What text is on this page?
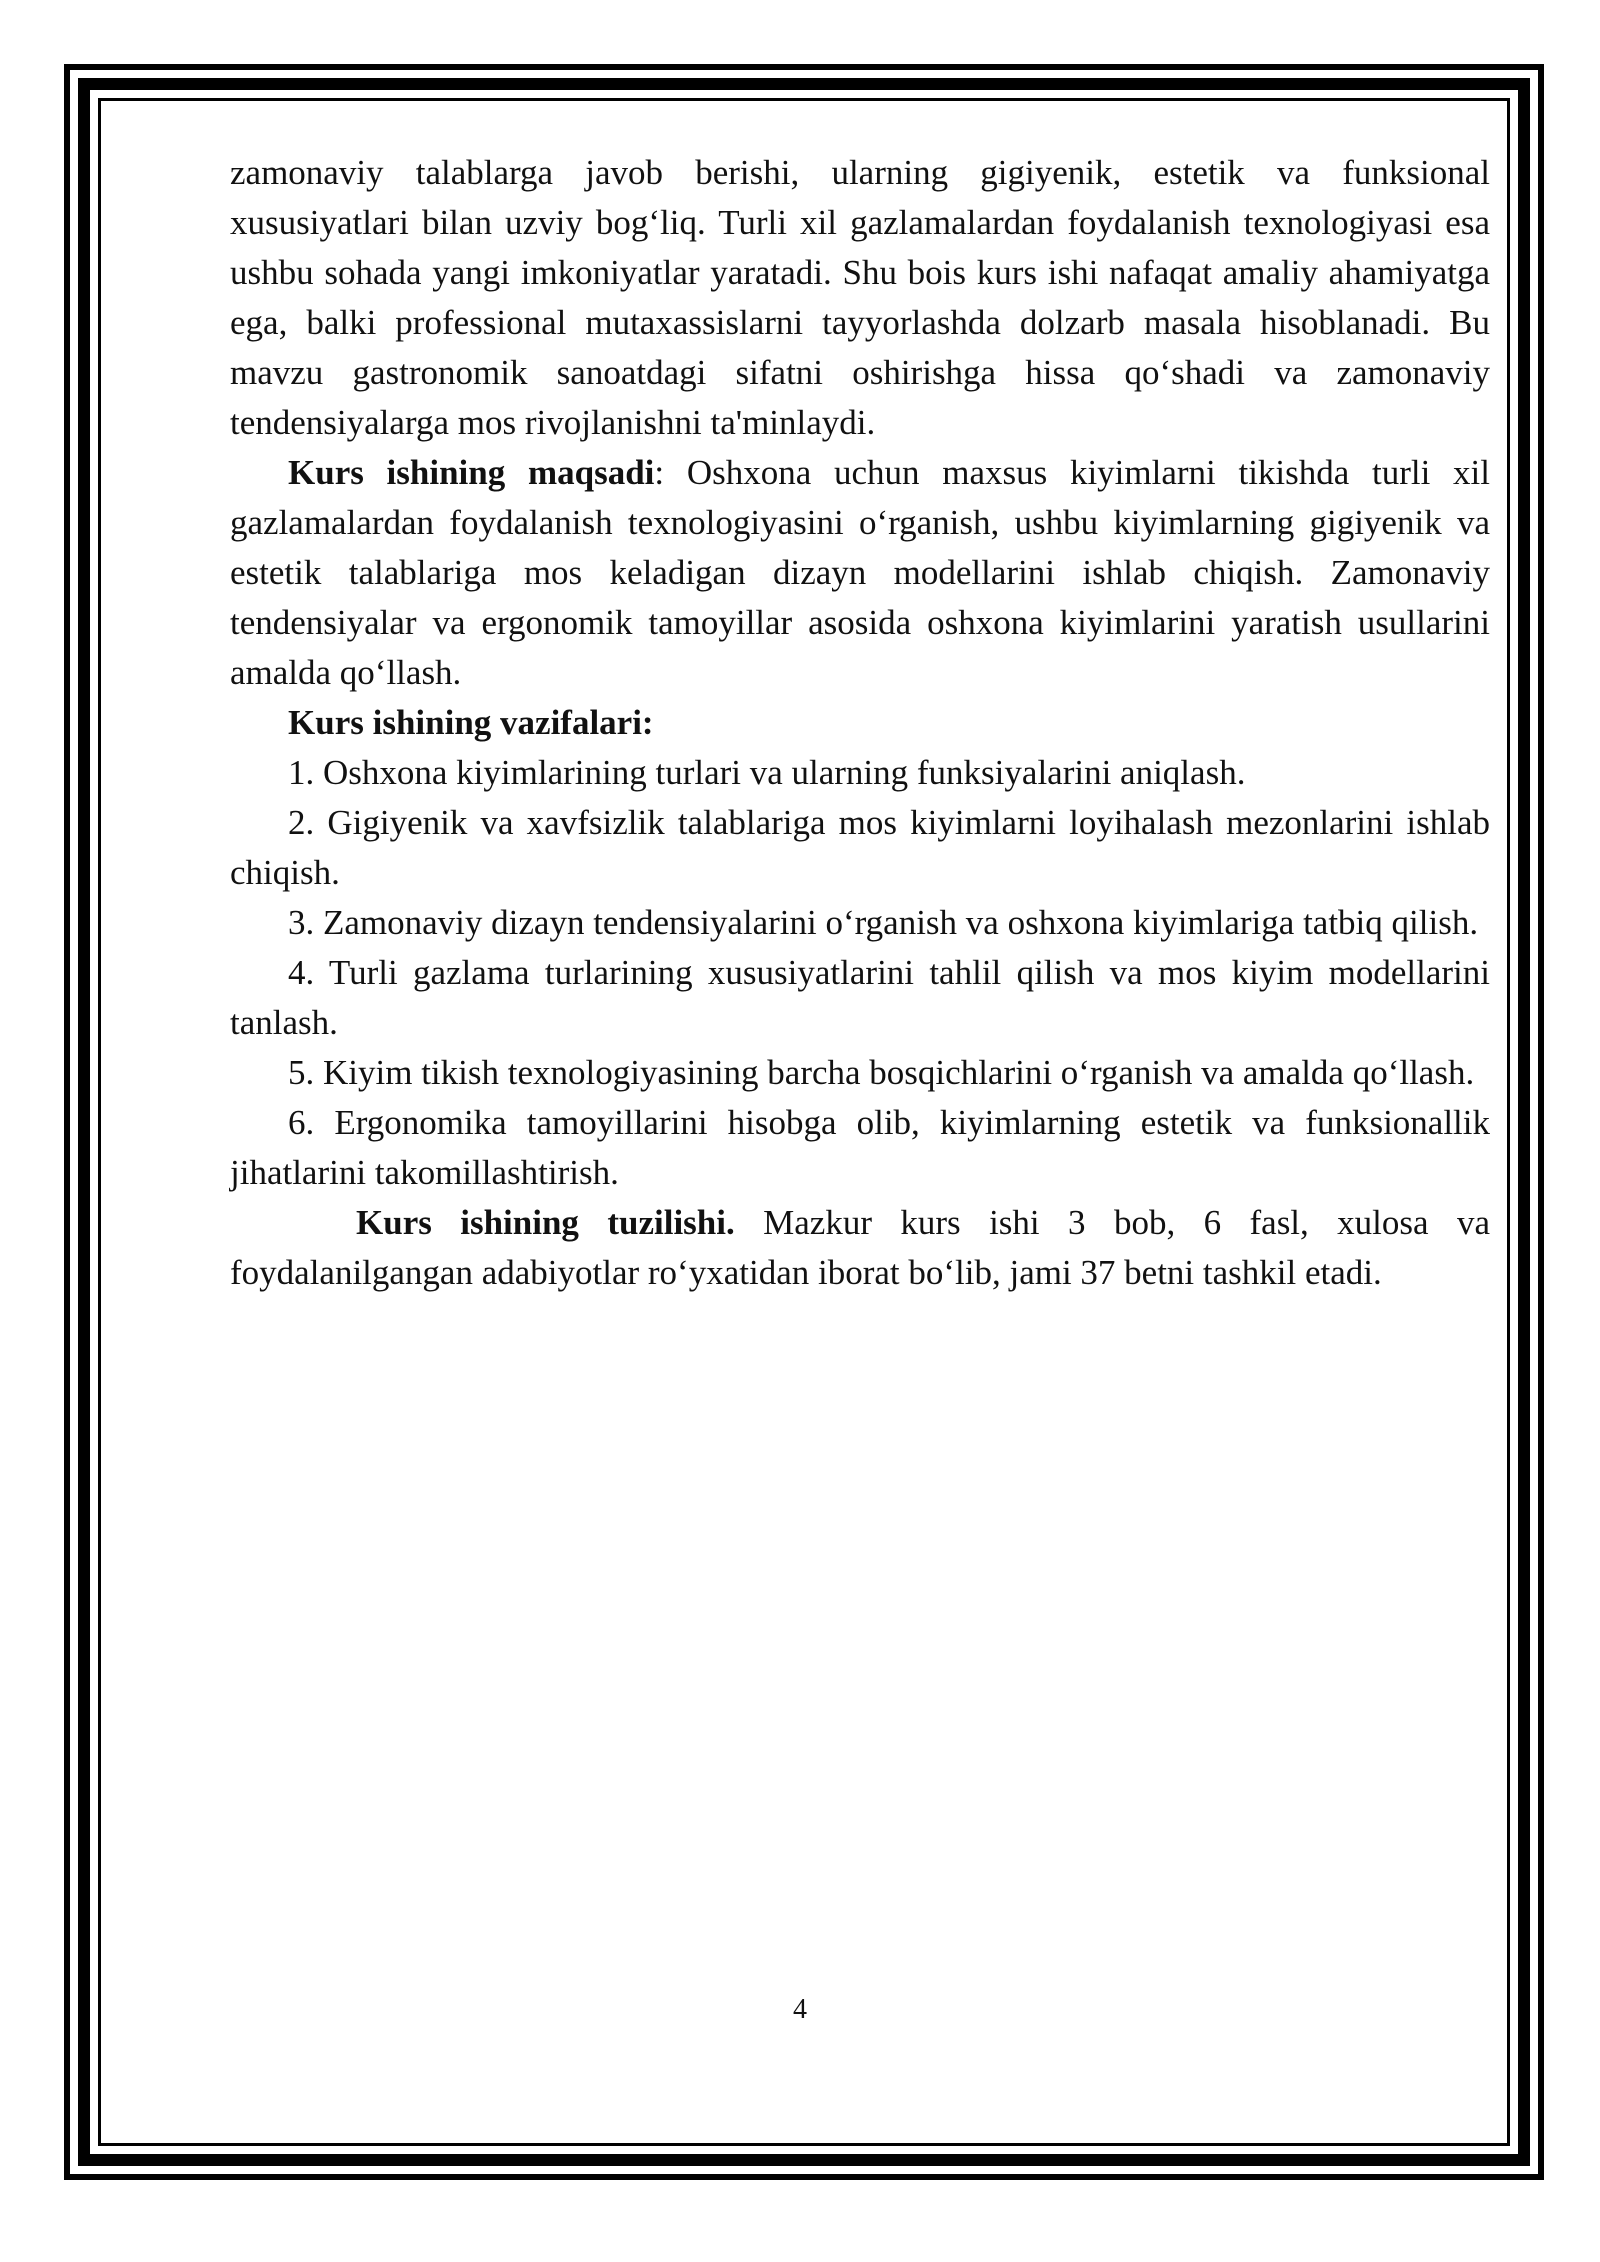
zamonaviy talablarga javob berishi, ularning gigiyenik, estetik va funksional xususiyatlari bilan uzviy bog‘liq. Turli xil gazlamalardan foydalanish texnologiyasi esa ushbu sohada yangi imkoniyatlar yaratadi. Shu bois kurs ishi nafaqat amaliy ahamiyatga ega, balki professional mutaxassislarni tayyorlashda dolzarb masala hisoblanadi. Bu mavzu gastronomik sanoatdagi sifatni oshirishga hissa qo‘shadi va zamonaviy tendensiyalarga mos rivojlanishni ta'minlaydi.

Kurs ishining maqsadi: Oshxona uchun maxsus kiyimlarni tikishda turli xil gazlamalardan foydalanish texnologiyasini o‘rganish, ushbu kiyimlarning gigiyenik va estetik talablariga mos keladigan dizayn modellarini ishlab chiqish. Zamonaviy tendensiyalar va ergonomik tamoyillar asosida oshxona kiyimlarini yaratish usullarini amalda qo‘llash.

Kurs ishining vazifalari:

1. Oshxona kiyimlarining turlari va ularning funksiyalarini aniqlash.

2. Gigiyenik va xavfsizlik talablariga mos kiyimlarni loyihalash mezonlarini ishlab chiqish.

3. Zamonaviy dizayn tendensiyalarini o‘rganish va oshxona kiyimlariga tatbiq qilish.

4. Turli gazlama turlarining xususiyatlarini tahlil qilish va mos kiyim modellarini tanlash.

5. Kiyim tikish texnologiyasining barcha bosqichlarini o‘rganish va amalda qo‘llash.

6. Ergonomika tamoyillarini hisobga olib, kiyimlarning estetik va funksionallik jihatlarini takomillashtirish.

Kurs ishining tuzilishi. Mazkur kurs ishi 3 bob, 6 fasl, xulosa va foydalanilgangan adabiyotlar ro‘yxatidan iborat bo‘lib, jami 37 betni tashkil etadi.

4
